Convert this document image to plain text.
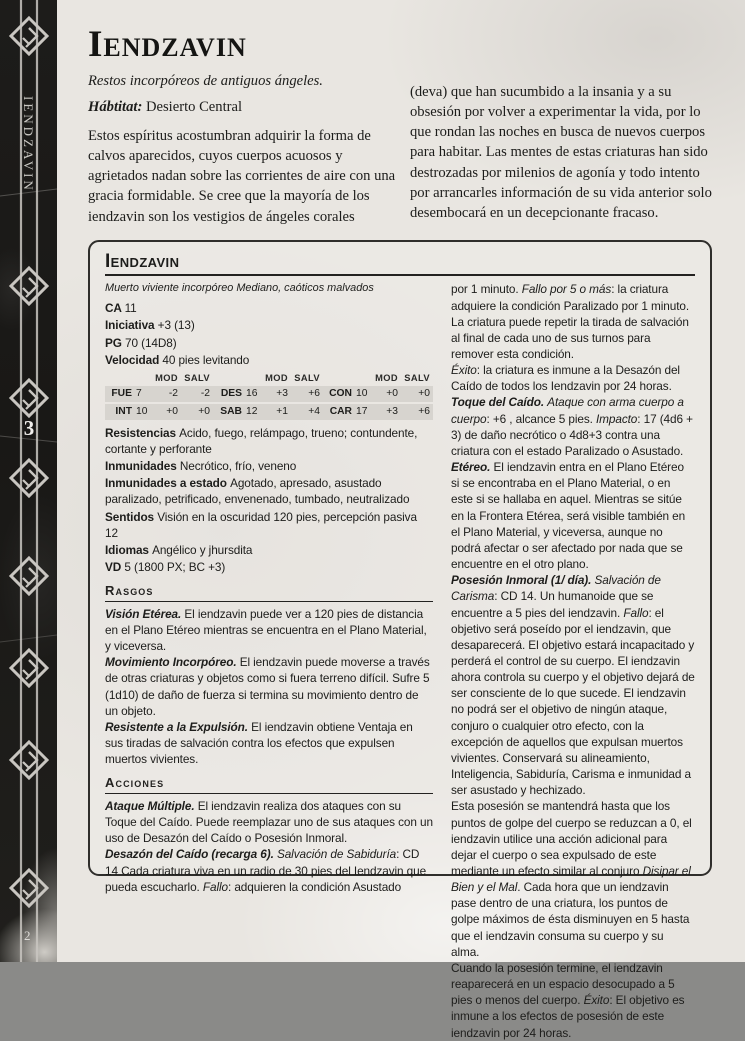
IENDZAVIN
3
2
Iendzavin

Restos incorpóreos de antiguos ángeles.

Hábtitat: Desierto Central

Estos espíritus acostumbran adquirir la forma de calvos aparecidos, cuyos cuerpos acuosos y agrietados nadan sobre las corrientes de aire con una gracia formidable. Se cree que la mayoría de los iendzavin son los vestigios de ángeles corales

(deva) que han sucumbido a la insania y a su obsesión por volver a experimentar la vida, por lo que rondan las noches en busca de nuevos cuerpos para habitar. Las mentes de estas criaturas han sido destrozadas por milenios de agonía y todo intento por arrancarles información de su vida anterior solo desembocará en un decepcionante fracaso.

Iendzavin

Muerto viviente incorpóreo Mediano, caóticos malvados

CA 11

Iniciativa +3 (13)

PG 70 (14D8)

Velocidad 40 pies levitando

MOD SALV	MOD SALV	MOD SALV
FUE 7	-2	-2	DES 16	+3	+6 CON 10	+0	+0
INT 10	+0	+0 SAB 12	+1	+4 CAR 17	+3	+6

Resistencias Acido, fuego, relámpago, trueno; contundente, cortante y perforante

Inmunidades Necrótico, frío, veneno

Inmunidades a estado Agotado, apresado, asustado paralizado, petrificado, envenenado, tumbado, neutralizado

Sentidos Visión en la oscuridad 120 pies, percepción pasiva 12

Idiomas Angélico y jhursdita

VD 5 (1800 PX; BC +3)

Rasgos

Visión Etérea. El iendzavin puede ver a 120 pies de distancia en el Plano Etéreo mientras se encuentra en el Plano Material, y viceversa.

Movimiento Incorpóreo. El iendzavin puede moverse a través de otras criaturas y objetos como si fuera terreno difícil. Sufre 5 (1d10) de daño de fuerza si termina su movimiento dentro de un objeto.

Resistente a la Expulsión. El iendzavin obtiene Ventaja en sus tiradas de salvación contra los efectos que expulsen muertos vivientes.

Acciones

Ataque Múltiple. El iendzavin realiza dos ataques con su Toque del Caído. Puede reemplazar uno de sus ataques con un uso de Desazón del Caído o Posesión Inmoral.

Desazón del Caído (recarga 6). Salvación de Sabiduría: CD 14 Cada criatura viva en un radio de 30 pies del Iendzavin que pueda escucharlo. Fallo: adquieren la condición Asustado

por 1 minuto. Fallo por 5 o más: la criatura adquiere la condición Paralizado por 1 minuto.

La criatura puede repetir la tirada de salvación al final de cada uno de sus turnos para remover esta condición.

Éxito: la criatura es inmune a la Desazón del Caído de todos los Iendzavin por 24 horas.

Toque del Caído. Ataque con arma cuerpo a cuerpo: +6 , alcance 5 pies. Impacto: 17 (4d6 + 3) de daño necrótico o 4d8+3 contra una criatura con el estado Paralizado o Asustado.

Etéreo. El iendzavin entra en el Plano Etéreo si se encontraba en el Plano Material, o en este si se hallaba en aquel. Mientras se sitúe en la Frontera Etérea, será visible también en el Plano Material, y viceversa, aunque no podrá afectar o ser afectado por nada que se encuentre en el otro plano.

Posesión Inmoral (1/ día). Salvación de Carisma: CD 14. Un humanoide que se encuentre a 5 pies del iendzavin. Fallo: el objetivo será poseído por el iendzavin, que desaparecerá. El objetivo estará incapacitado y perderá el control de su cuerpo. El iendzavin ahora controla su cuerpo y el objetivo dejará de ser consciente de lo que sucede. El iendzavin no podrá ser el objetivo de ningún ataque, conjuro o cualquier otro efecto, con la excepción de aquellos que expulsan muertos vivientes. Conservará su alineamiento, Inteligencia, Sabiduría, Carisma e inmunidad a ser asustado y hechizado.

Esta posesión se mantendrá hasta que los puntos de golpe del cuerpo se reduzcan a 0, el iendzavin utilice una acción adicional para dejar el cuerpo o sea expulsado de este mediante un efecto similar al conjuro Disipar el Bien y el Mal. Cada hora que un iendzavin pase dentro de una criatura, los puntos de golpe máximos de ésta disminuyen en 5 hasta que el iendzavin consuma su cuerpo y su alma.

Cuando la posesión termine, el iendzavin reaparecerá en un espacio desocupado a 5 pies o menos del cuerpo. Éxito: El objetivo es inmune a los efectos de posesión de este iendzavin por 24 horas.
